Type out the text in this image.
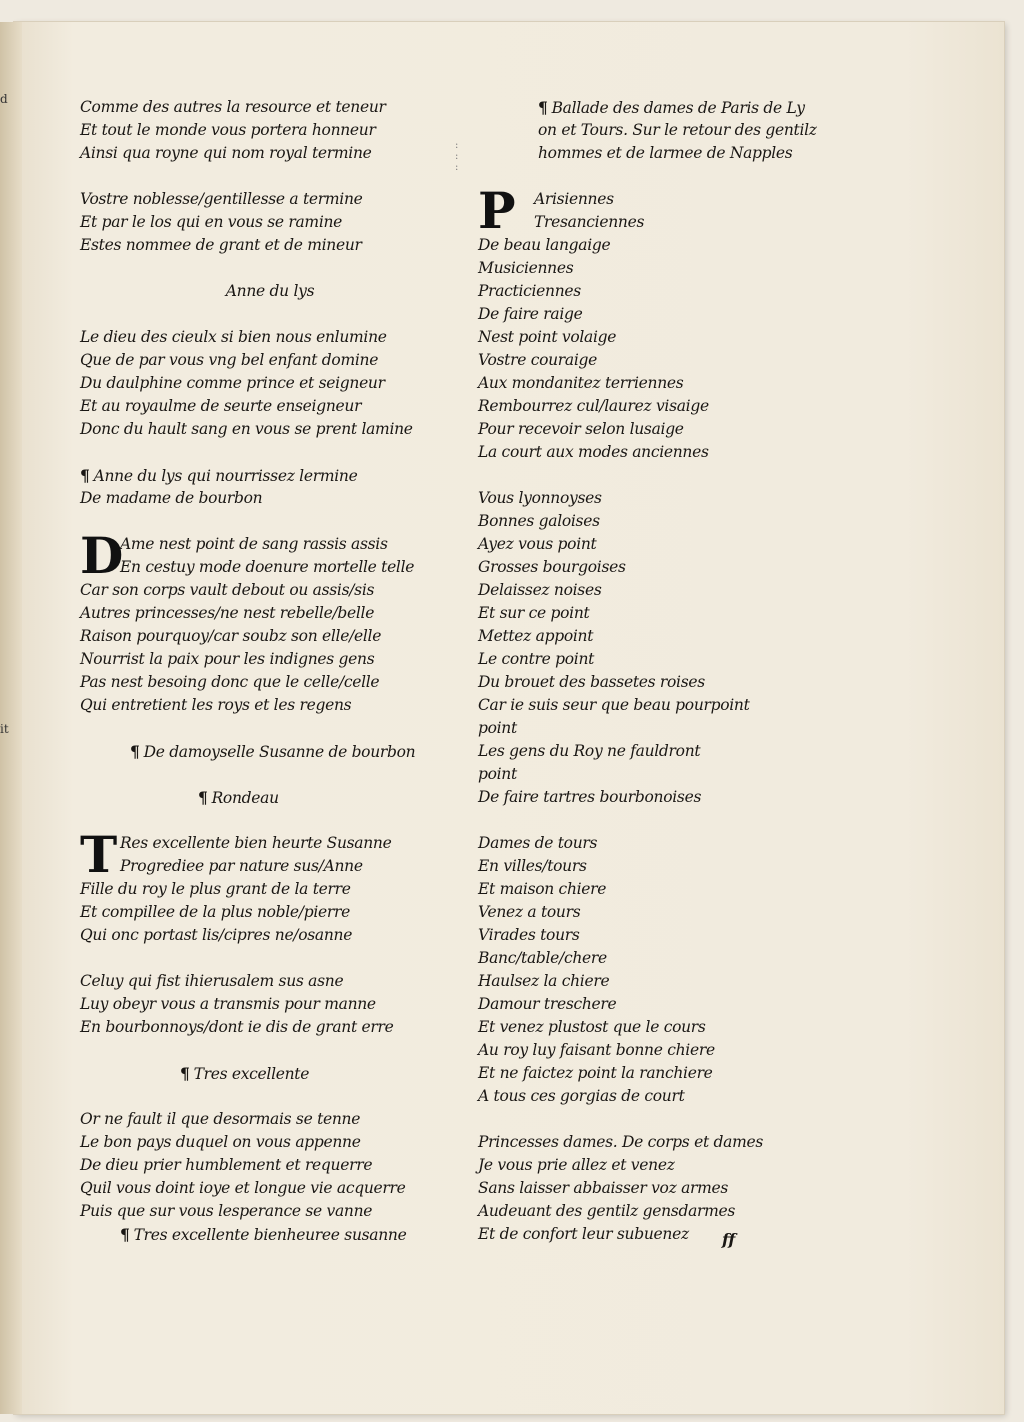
d
it
Comme des autres la resource et teneur
Et tout le monde vous portera honneur
Ainsi qua royne qui nom royal termine
Vostre noblesse/gentillesse a termine
Et par le los qui en vous se ramine
Estes nommee de grant et de mineur
Anne du lys
Le dieu des cieulx si bien nous enlumine
Que de par vous vng bel enfant domine
Du daulphine comme prince et seigneur
Et au royaulme de seurte enseigneur
Donc du hault sang en vous se prent lamine
¶ Anne du lys qui nourrissez lermine
De madame de bourbon
D
Ame nest point de sang rassis assis
En cestuy mode doenure mortelle telle
Car son corps vault debout ou assis/sis
Autres princesses/ne nest rebelle/belle
Raison pourquoy/car soubz son elle/elle
Nourrist la paix pour les indignes gens
Pas nest besoing donc que le celle/celle
Qui entretient les roys et les regens
¶ De damoyselle Susanne de bourbon
¶ Rondeau
T Res excellente bien heurte Susanne
Progrediee par nature sus/Anne
Fille du roy le plus grant de la terre
Et compillee de la plus noble/pierre
Qui onc portast lis/cipres ne/osanne
Celuy qui fist ihierusalem sus asne
Luy obeyr vous a transmis pour manne
En bourbonnoys/dont ie dis de grant erre
¶ Tres excellente
Or ne fault il que desormais se tenne
Le bon pays duquel on vous appenne
De dieu prier humblement et requerre
Quil vous doint ioye et longue vie acquerre
Puis que sur vous lesperance se vanne
¶ Tres excellente bienheuree susanne
:
:
:
¶ Ballade des dames de Paris de Ly
on et Tours. Sur le retour des gentilz
hommes et de larmee de Napples
P	Arisiennes
Tresanciennes
De beau langaige
Musiciennes
Practiciennes
De faire raige
Nest point volaige
Vostre couraige
Aux mondanitez terriennes
Rembourrez cul/laurez visaige
Pour recevoir selon lusaige
La court aux modes anciennes
Vous lyonnoyses
Bonnes galoises
Ayez vous point
Grosses bourgoises
Delaissez noises
Et sur ce point
Mettez appoint
Le contre point
Du brouet des bassetes roises
Car ie suis seur que beau pourpoint
point
Les gens du Roy ne fauldront
point
De faire tartres bourbonoises
Dames de tours
En villes/tours
Et maison chiere
Venez a tours
Virades tours
Banc/table/chere
Haulsez la chiere
Damour treschere
Et venez plustost que le cours
Au roy luy faisant bonne chiere
Et ne faictez point la ranchiere
A tous ces gorgias de court
Princesses dames. De corps et dames
Je vous prie allez et venez
Sans laisser abbaisser voz armes
Audeuant des gentilz gensdarmes
Et de confort leur subuenez	ff
